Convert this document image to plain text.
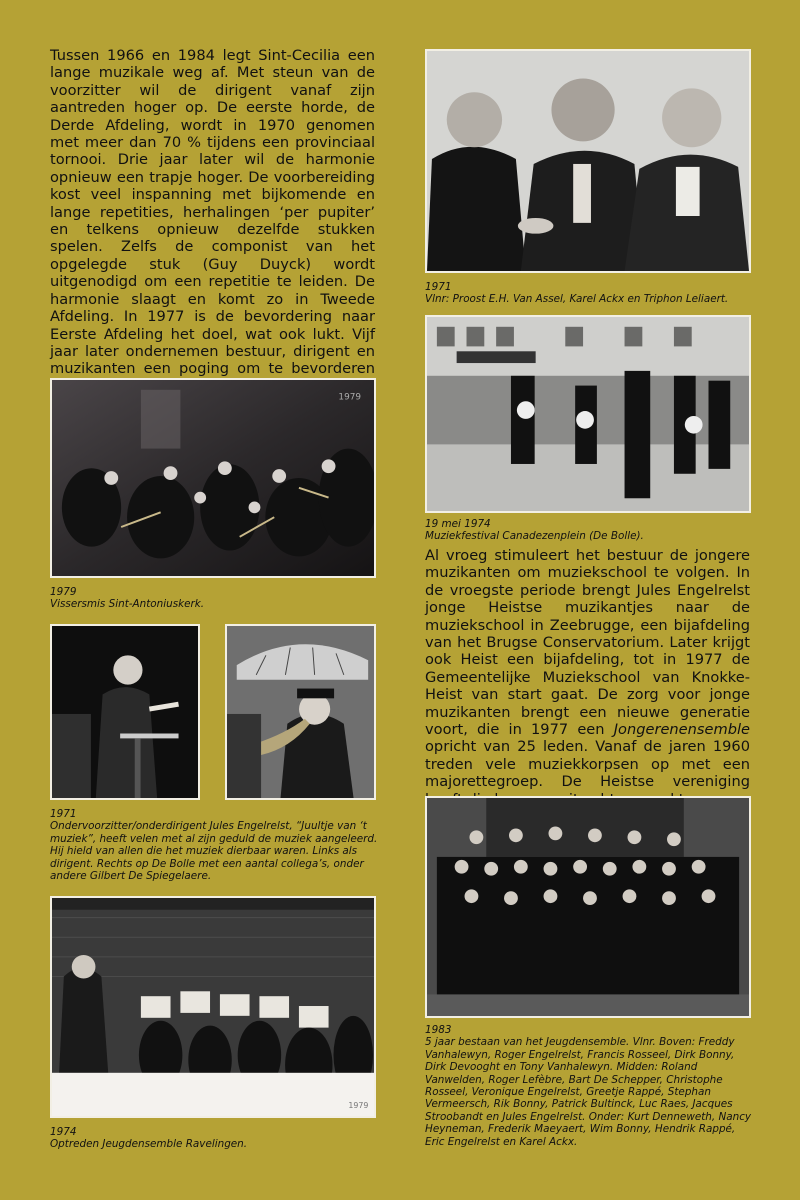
Tussen 1966 en 1984 legt Sint-Cecilia een lange muzikale weg af. Met steun van de voorzitter wil de dirigent vanaf zijn aantreden hoger op. De eerste horde, de Derde Afdeling, wordt in 1970 genomen met meer dan 70 % tijdens een provinciaal tornooi. Drie jaar later wil de harmonie opnieuw een trapje hoger. De voorbereiding kost veel inspanning met bijkomende en lange repetities, herhalingen ‘per pupiter’ en telkens opnieuw dezelfde stukken spelen. Zelfs de componist van het opgelegde stuk (Guy Duyck) wordt uitgenodigd om een repetitie te leiden. De harmonie slaagt en komt zo in Tweede Afdeling. In 1977 is de bevordering naar Eerste Afdeling het doel, wat ook lukt. Vijf jaar later ondernemen bestuur, dirigent en muzikanten een poging om te bevorderen

1979
1979
Vissersmis Sint-Antoniuskerk.
1971
Ondervoorzitter/onderdirigent Jules Engelrelst, “Juultje van ‘t muziek”, heeft velen met al zijn geduld de muziek aangeleerd. Hij hield van allen die het muziek dierbaar waren. Links als dirigent. Rechts op De Bolle met een aantal collega’s, onder andere Gilbert De Spiegelaere.
1979
1974
Optreden Jeugdensemble Ravelingen.
1971
Vlnr: Proost E.H. Van Assel, Karel Ackx en Triphon Leliaert.
19 mei 1974
Muziekfestival Canadezenplein (De Bolle).

Al vroeg stimuleert het bestuur de jongere muzikanten om muziekschool te volgen. In de vroegste periode brengt Jules Engelrelst jonge Heistse muzikantjes naar de muziekschool in Zeebrugge, een bijafdeling van het Brugse Conservatorium. Later krijgt ook Heist een bijafdeling, tot in 1977 de Gemeentelijke Muziekschool van Knokke-Heist van start gaat. De zorg voor jonge muzikanten brengt een nieuwe generatie voort, die in 1977 een Jongerenensemble opricht van 25 leden. Vanaf de jaren 1960 treden vele muziekkorpsen op met een majorettegroep. De Heistse vereniging

1983
5 jaar bestaan van het Jeugdensemble. Vlnr. Boven: Freddy Vanhalewyn, Roger Engelrelst, Francis Rosseel, Dirk Bonny, Dirk Devooght en Tony Vanhalewyn. Midden: Roland Vanwelden, Roger Lefèbre, Bart De Schepper, Christophe Rosseel, Veronique Engelrelst, Greetje Rappé, Stephan Vermeersch, Rik Bonny, Patrick Bultinck, Luc Raes, Jacques Stroobandt en Jules Engelrelst. Onder: Kurt Denneweth, Nancy Heyneman, Frederik Maeyaert, Wim Bonny, Hendrik Rappé, Eric Engelrelst en Karel Ackx.
